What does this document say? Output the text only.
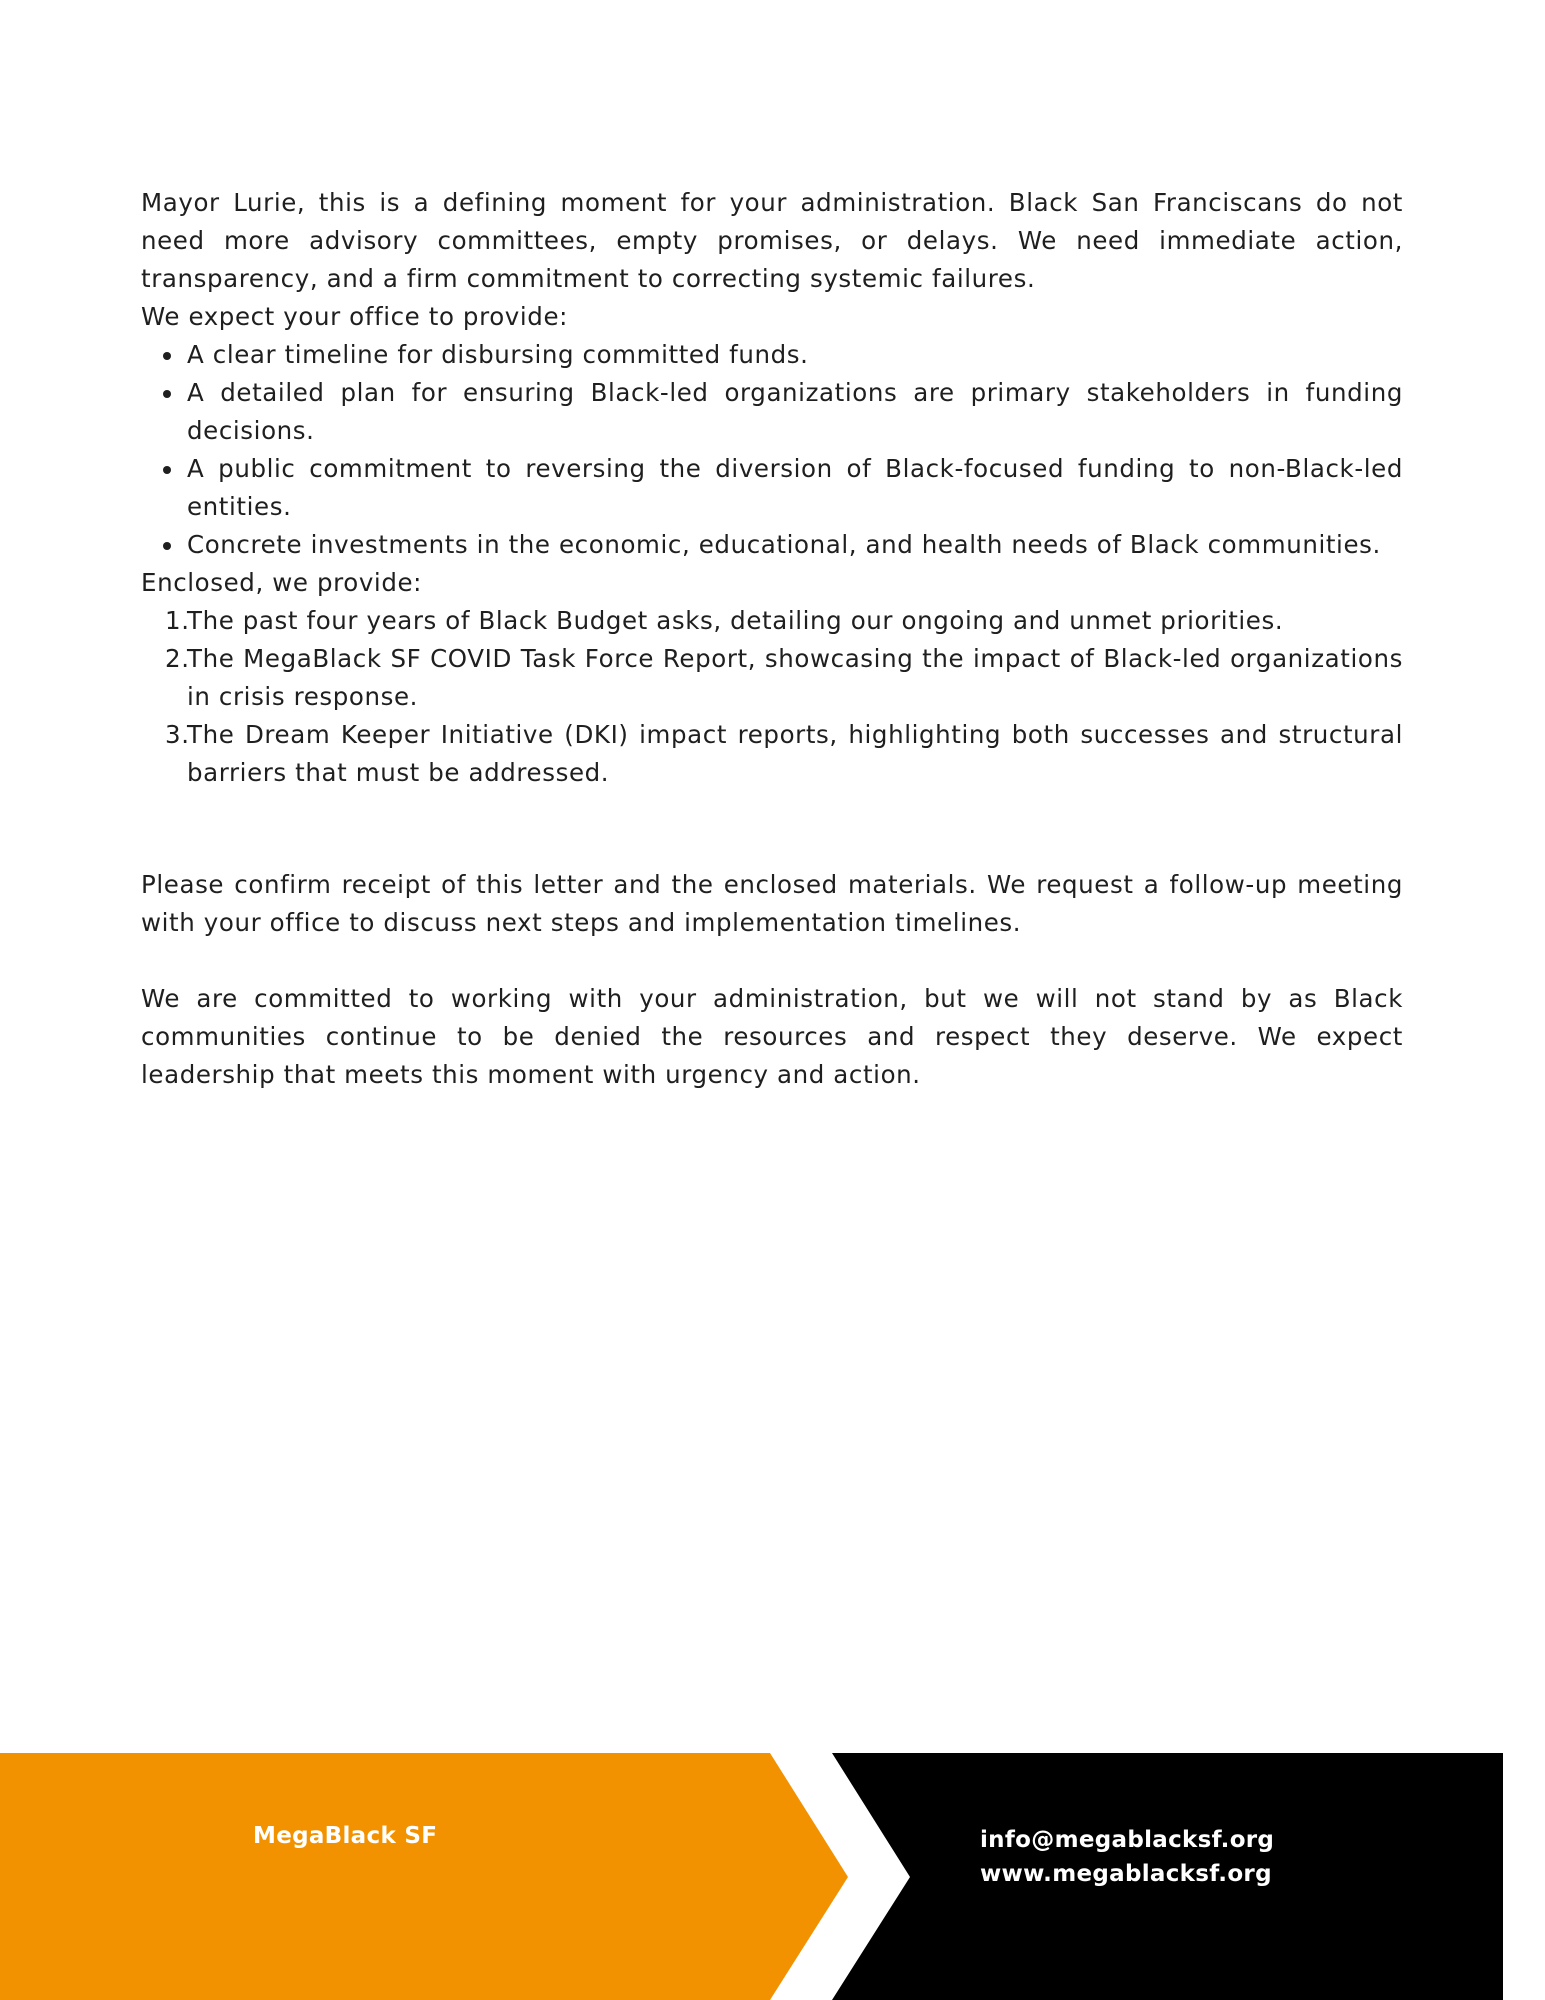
Mayor Lurie, this is a defining moment for your administration. Black San Franciscans do not need more advisory committees, empty promises, or delays. We need immediate action, transparency, and a firm commitment to correcting systemic failures.

We expect your office to provide:

A clear timeline for disbursing committed funds.
A detailed plan for ensuring Black-led organizations are primary stakeholders in funding decisions.
A public commitment to reversing the diversion of Black-focused funding to non-Black-led entities.
Concrete investments in the economic, educational, and health needs of Black communities.

Enclosed, we provide:

1.
The past four years of Black Budget asks, detailing our ongoing and unmet priorities.
2.
The MegaBlack SF COVID Task Force Report, showcasing the impact of Black-led organizations in crisis response.
3.
The Dream Keeper Initiative (DKI) impact reports, highlighting both successes and structural barriers that must be addressed.

Please confirm receipt of this letter and the enclosed materials. We request a follow-up meeting with your office to discuss next steps and implementation timelines.

We are committed to working with your administration, but we will not stand by as Black communities continue to be denied the resources and respect they deserve. We expect leadership that meets this moment with urgency and action.

MegaBlack SF	info@megablacksf.org
www.megablacksf.org
